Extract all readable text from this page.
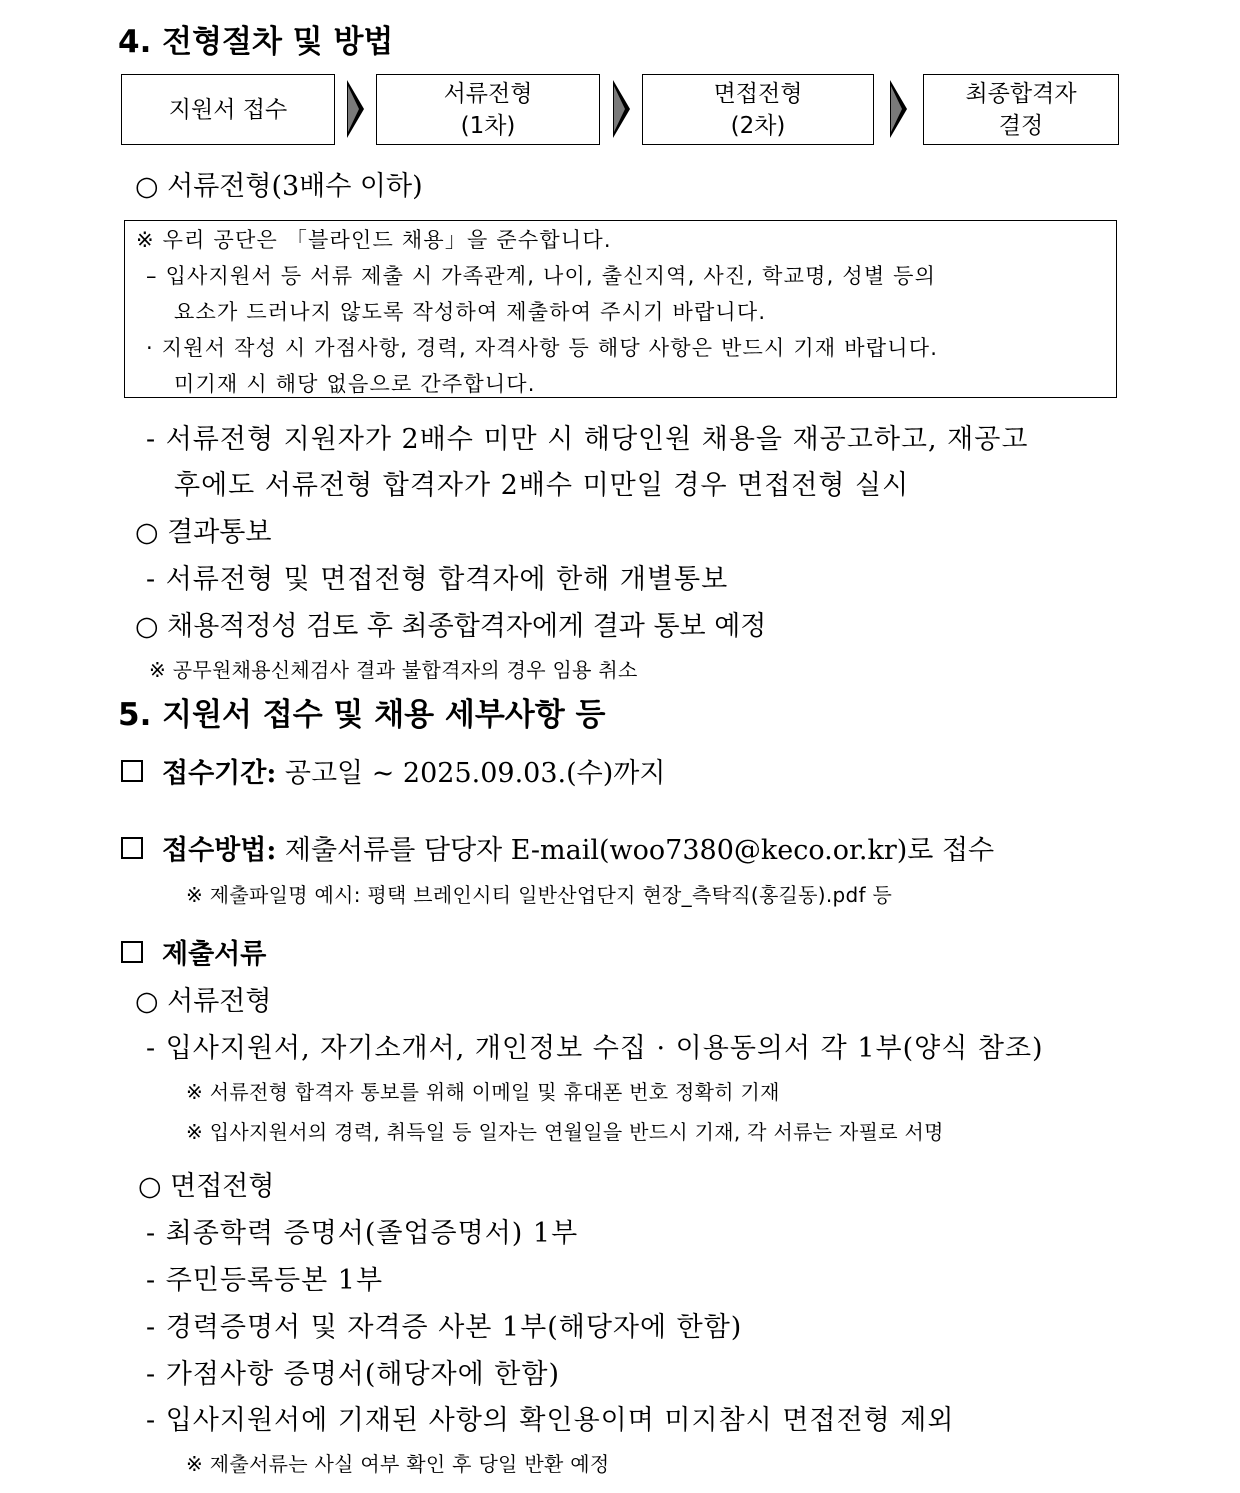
4. 전형절차 및 방법
지원서 접수
서류전형
(1차)
면접전형
(2차)
최종합격자
결정
○ 서류전형(3배수 이하)
※ 우리 공단은 「블라인드 채용」을 준수합니다.
– 입사지원서 등 서류 제출 시 가족관계, 나이, 출신지역, 사진, 학교명, 성별 등의
요소가 드러나지 않도록 작성하여 제출하여 주시기 바랍니다.
· 지원서 작성 시 가점사항, 경력, 자격사항 등 해당 사항은 반드시 기재 바랍니다.
미기재 시 해당 없음으로 간주합니다.
- 서류전형 지원자가 2배수 미만 시 해당인원 채용을 재공고하고, 재공고
후에도 서류전형 합격자가 2배수 미만일 경우 면접전형 실시
○ 결과통보
- 서류전형 및 면접전형 합격자에 한해 개별통보
○ 채용적정성 검토 후 최종합격자에게 결과 통보 예정
※ 공무원채용신체검사 결과 불합격자의 경우 임용 취소
5. 지원서 접수 및 채용 세부사항 등
접수기간: 공고일 ~ 2025.09.03.(수)까지
접수방법: 제출서류를 담당자 E-mail(woo7380@keco.or.kr)로 접수
※ 제출파일명 예시: 평택 브레인시티 일반산업단지 현장_측탁직(홍길동).pdf 등
제출서류
○ 서류전형
- 입사지원서, 자기소개서, 개인정보 수집 · 이용동의서 각 1부(양식 참조)
※ 서류전형 합격자 통보를 위해 이메일 및 휴대폰 번호 정확히 기재
※ 입사지원서의 경력, 취득일 등 일자는 연월일을 반드시 기재, 각 서류는 자필로 서명
○ 면접전형
- 최종학력 증명서(졸업증명서) 1부
- 주민등록등본 1부
- 경력증명서 및 자격증 사본 1부(해당자에 한함)
- 가점사항 증명서(해당자에 한함)
- 입사지원서에 기재된 사항의 확인용이며 미지참시 면접전형 제외
※ 제출서류는 사실 여부 확인 후 당일 반환 예정
